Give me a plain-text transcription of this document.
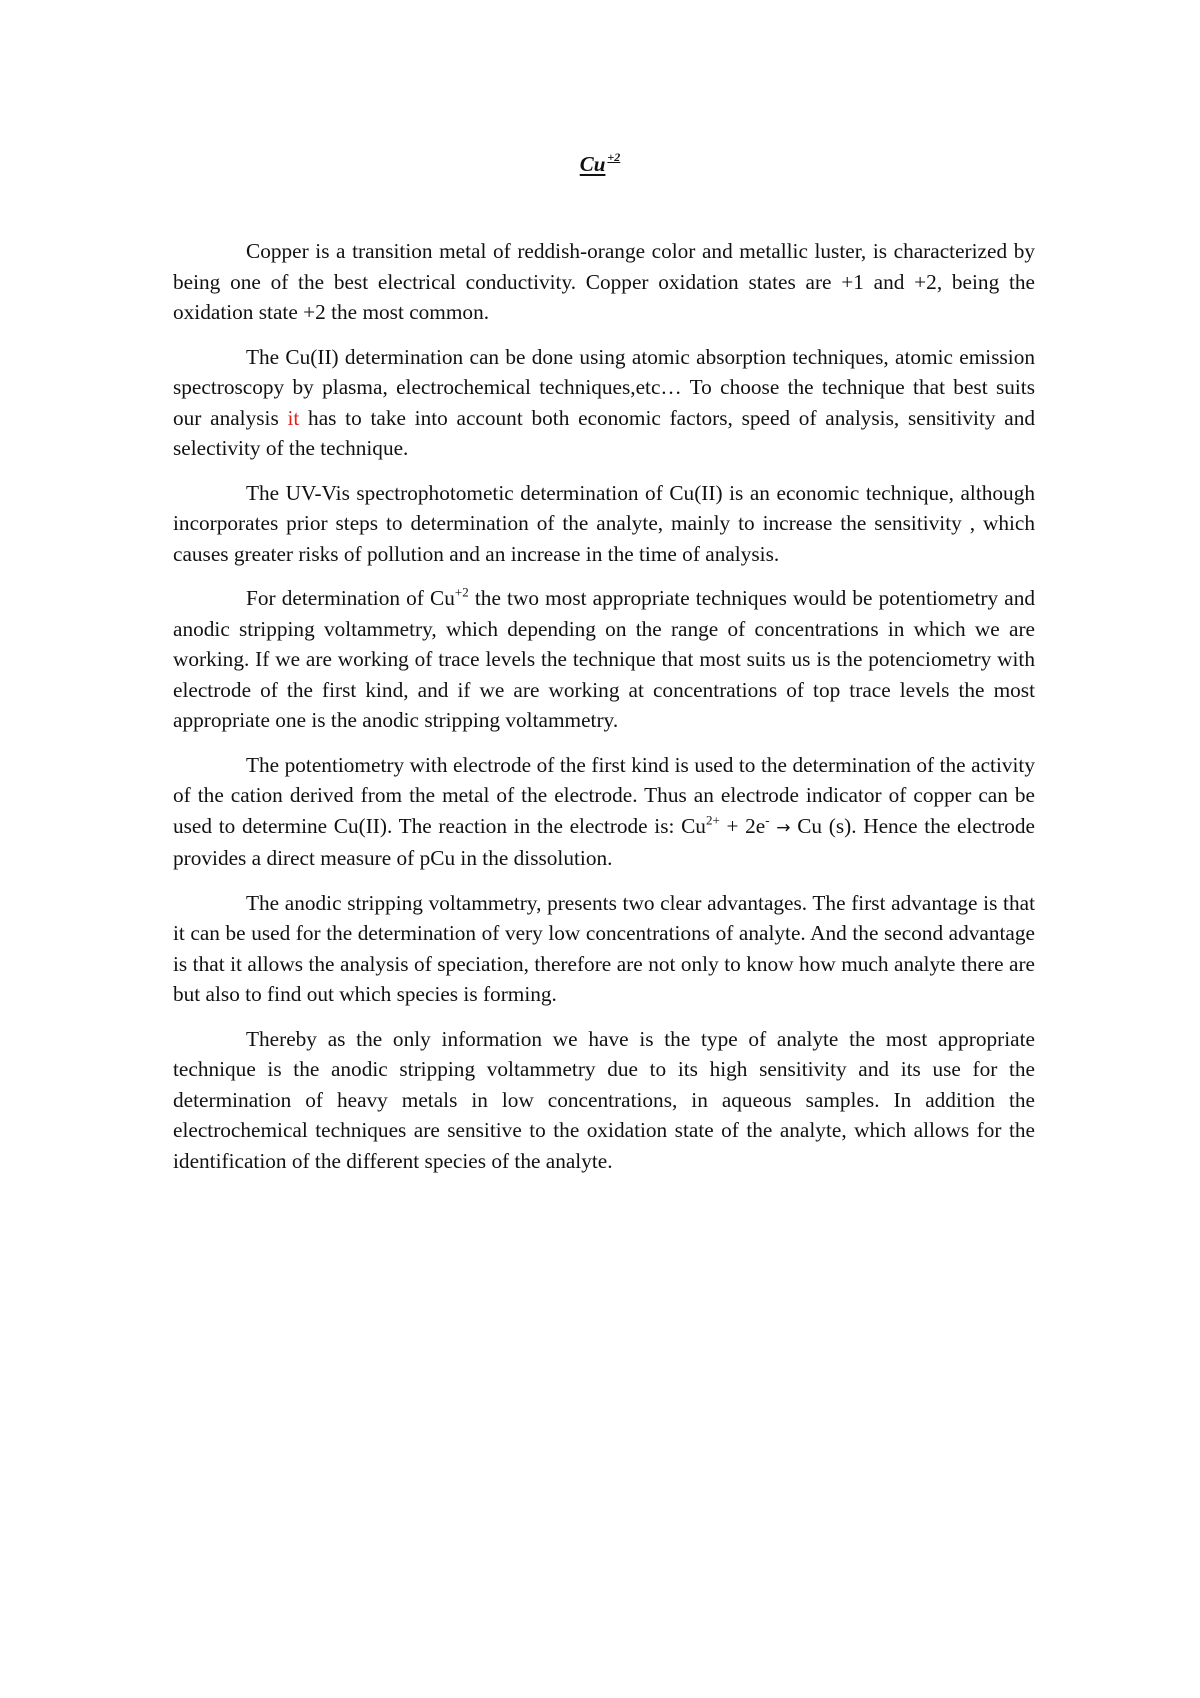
Cu $^{+2}$

Copper is a transition metal of reddish-orange color and metallic luster, is characterized by being one of the best electrical conductivity. Copper oxidation states are +1 and +2, being the oxidation state +2 the most common.

The Cu(II) determination can be done using atomic absorption techniques, atomic emission spectroscopy by plasma, electrochemical techniques,etc… To choose the technique that best suits our analysis it has to take into account both economic factors, speed of analysis, sensitivity and selectivity of the technique.

The UV-Vis spectrophotometic determination of Cu(II) is an economic technique, although incorporates prior steps to determination of the analyte, mainly to increase the sensitivity , which causes greater risks of pollution and an increase in the time of analysis.

For determination of $Cu^{+2}$ the two most appropriate techniques would be potentiometry and anodic stripping voltammetry, which depending on the range of concentrations in which we are working. If we are working of trace levels the technique that most suits us is the potenciometry with electrode of the first kind, and if we are working at concentrations of top trace levels the most appropriate one is the anodic stripping voltammetry.

The potentiometry with electrode of the first kind is used to the determination of the activity of the cation derived from the metal of the electrode. Thus an electrode indicator of copper can be used to determine Cu(II). The reaction in the electrode is: $Cu^{2+} + 2e^- \to Cu$ (s). Hence the electrode provides a direct measure of pCu in the dissolution.

The anodic stripping voltammetry, presents two clear advantages. The first advantage is that it can be used for the determination of very low concentrations of analyte. And the second advantage is that it allows the analysis of speciation, therefore are not only to know how much analyte there are but also to find out which species is forming.

Thereby as the only information we have is the type of analyte the most appropriate technique is the anodic stripping voltammetry due to its high sensitivity and its use for the determination of heavy metals in low concentrations, in aqueous samples. In addition the electrochemical techniques are sensitive to the oxidation state of the analyte, which allows for the identification of the different species of the analyte.
